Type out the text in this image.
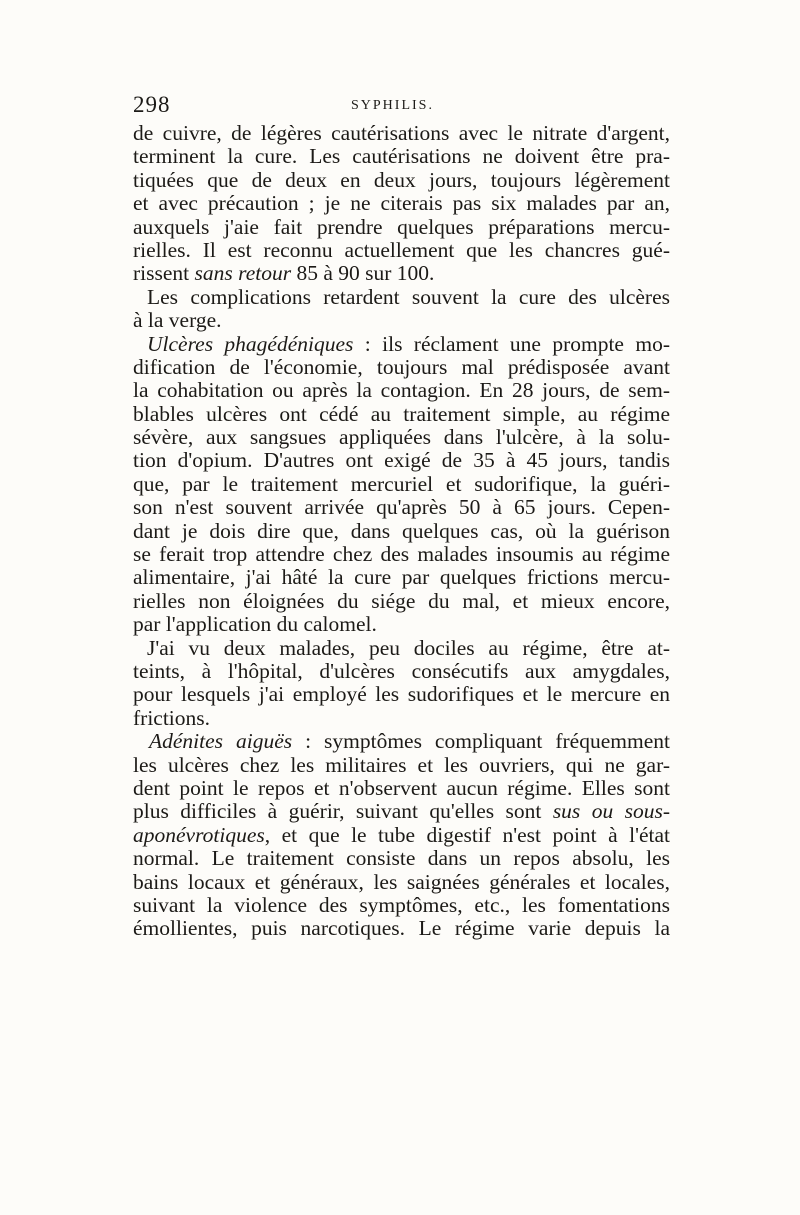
298	SYPHILIS.
de cuivre, de légères cautérisations avec le nitrate d'argent,
terminent la cure. Les cautérisations ne doivent être pra-
tiquées que de deux en deux jours, toujours légèrement
et avec précaution ; je ne citerais pas six malades par an,
auxquels j'aie fait prendre quelques préparations mercu-
rielles. Il est reconnu actuellement que les chancres gué-
rissent sans retour 85 à 90 sur 100.
Les complications retardent souvent la cure des ulcères
à la verge.
Ulcères phagédéniques : ils réclament une prompte mo-
dification de l'économie, toujours mal prédisposée avant
la cohabitation ou après la contagion. En 28 jours, de sem-
blables ulcères ont cédé au traitement simple, au régime
sévère, aux sangsues appliquées dans l'ulcère, à la solu-
tion d'opium. D'autres ont exigé de 35 à 45 jours, tandis
que, par le traitement mercuriel et sudorifique, la guéri-
son n'est souvent arrivée qu'après 50 à 65 jours. Cepen-
dant je dois dire que, dans quelques cas, où la guérison
se ferait trop attendre chez des malades insoumis au régime
alimentaire, j'ai hâté la cure par quelques frictions mercu-
rielles non éloignées du siége du mal, et mieux encore,
par l'application du calomel.
J'ai vu deux malades, peu dociles au régime, être at-
teints, à l'hôpital, d'ulcères consécutifs aux amygdales,
pour lesquels j'ai employé les sudorifiques et le mercure en
frictions.
Adénites aiguës : symptômes compliquant fréquemment
les ulcères chez les militaires et les ouvriers, qui ne gar-
dent point le repos et n'observent aucun régime. Elles sont
plus difficiles à guérir, suivant qu'elles sont sus ou sous-
aponévrotiques, et que le tube digestif n'est point à l'état
normal. Le traitement consiste dans un repos absolu, les
bains locaux et généraux, les saignées générales et locales,
suivant la violence des symptômes, etc., les fomentations
émollientes, puis narcotiques. Le régime varie depuis la
